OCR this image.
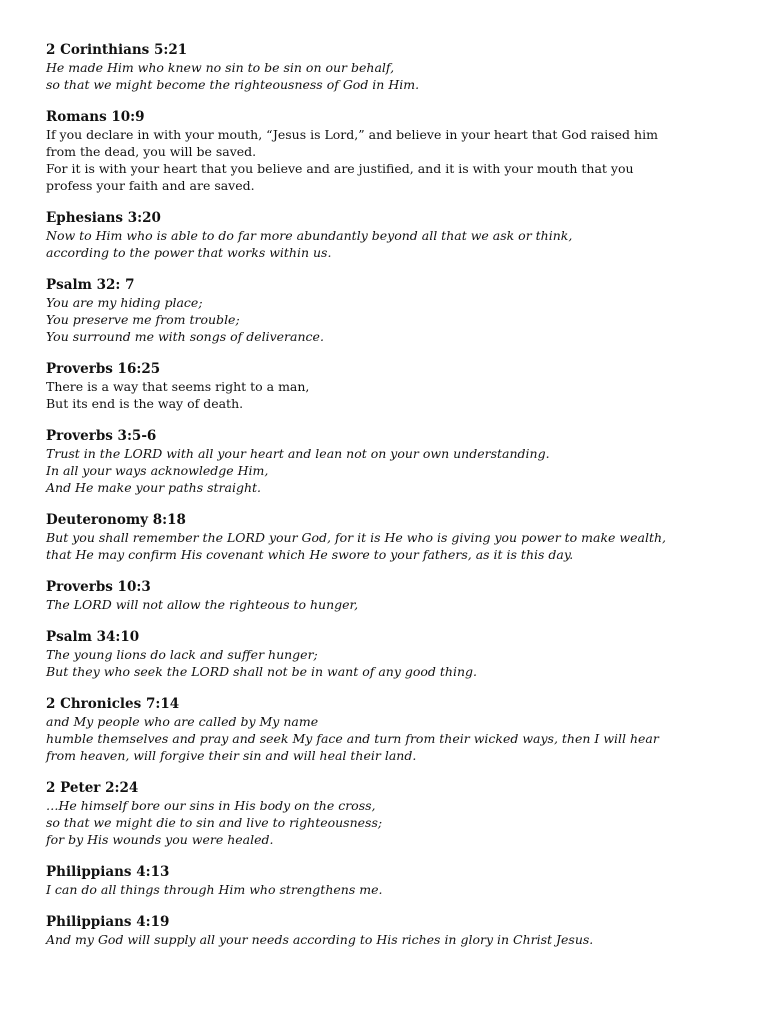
2 Corinthians 5:21
He made Him who knew no sin to be sin on our behalf,
so that we might become the righteousness of God in Him.
Romans 10:9
If you declare in with your mouth, “Jesus is Lord,” and believe in your heart that God raised him
from the dead, you will be saved.
For it is with your heart that you believe and are justified, and it is with your mouth that you
profess your faith and are saved.
Ephesians 3:20
Now to Him who is able to do far more abundantly beyond all that we ask or think,
according to the power that works within us.
Psalm 32: 7
You are my hiding place;
You preserve me from trouble;
You surround me with songs of deliverance.
Proverbs 16:25
There is a way that seems right to a man,
But its end is the way of death.
Proverbs 3:5-6
Trust in the LORD with all your heart and lean not on your own understanding.
In all your ways acknowledge Him,
And He make your paths straight.
Deuteronomy 8:18
But you shall remember the LORD your God, for it is He who is giving you power to make wealth,
that He may confirm His covenant which He swore to your fathers, as it is this day.
Proverbs 10:3
The LORD will not allow the righteous to hunger,
Psalm 34:10
The young lions do lack and suffer hunger;
But they who seek the LORD shall not be in want of any good thing.
2 Chronicles 7:14
and My people who are called by My name
humble themselves and pray and seek My face and turn from their wicked ways, then I will hear
from heaven, will forgive their sin and will heal their land.
2 Peter 2:24
…He himself bore our sins in His body on the cross,
so that we might die to sin and live to righteousness;
for by His wounds you were healed.
Philippians 4:13
I can do all things through Him who strengthens me.
Philippians 4:19
And my God will supply all your needs according to His riches in glory in Christ Jesus.
